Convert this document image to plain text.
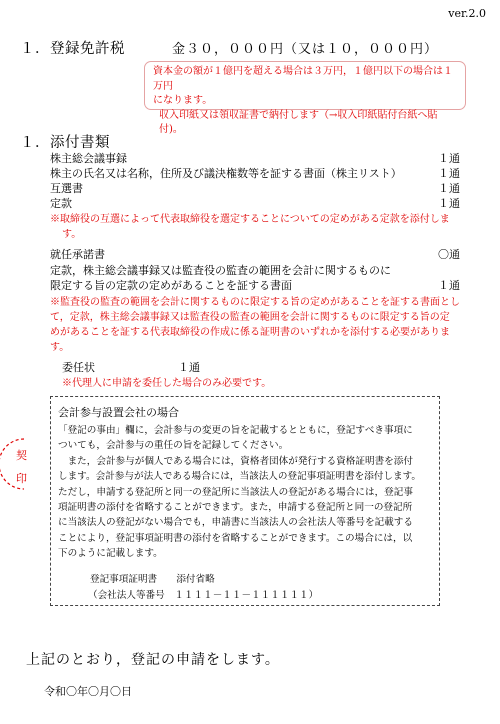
ver.2.0
１．登録免許税	金３０，０００円（又は１０，０００円）
資本金の額が１億円を超える場合は３万円，１億円以下の場合は１万円
になります。
収入印紙又は領収証書で納付します（→収入印紙貼付台紙へ貼付)。
１．添付書類
株主総会議事録	１通
株主の氏名又は名称，住所及び議決権数等を証する書面（株主リスト）	１通
互選書	１通
定款	１通
※取締役の互選によって代表取締役を選定することについての定めがある定款を添付しま
す。
就任承諾書	〇通
定款，株主総会議事録又は監査役の監査の範囲を会計に関するものに
限定する旨の定款の定めがあることを証する書面	１通
※監査役の監査の範囲を会計に関するものに限定する旨の定めがあることを証する書面とし
て，定款，株主総会議事録又は監査役の監査の範囲を会計に関するものに限定する旨の定
めがあることを証する代表取締役の作成に係る証明書のいずれかを添付する必要がありま
す。
委任状	１通
※代理人に申請を委任した場合のみ必要です。
契
印
会計参与設置会社の場合
「登記の事由」欄に，会計参与の変更の旨を記載するとともに，登記すべき事項に
ついても，会計参与の重任の旨を記録してください。
　また，会計参与が個人である場合には，資格者団体が発行する資格証明書を添付
します。会計参与が法人である場合には，当該法人の登記事項証明書を添付します。
ただし，申請する登記所と同一の登記所に当該法人の登記がある場合には，登記事
項証明書の添付を省略することができます。また，申請する登記所と同一の登記所
に当該法人の登記がない場合でも，申請書に当該法人の会社法人等番号を記載する
ことにより，登記事項証明書の添付を省略することができます。この場合には，以
下のように記載します。
登記事項証明書　　添付省略
（会社法人等番号　１１１１－１１－１１１１１１）
上記のとおり，登記の申請をします。
令和〇年〇月〇日
